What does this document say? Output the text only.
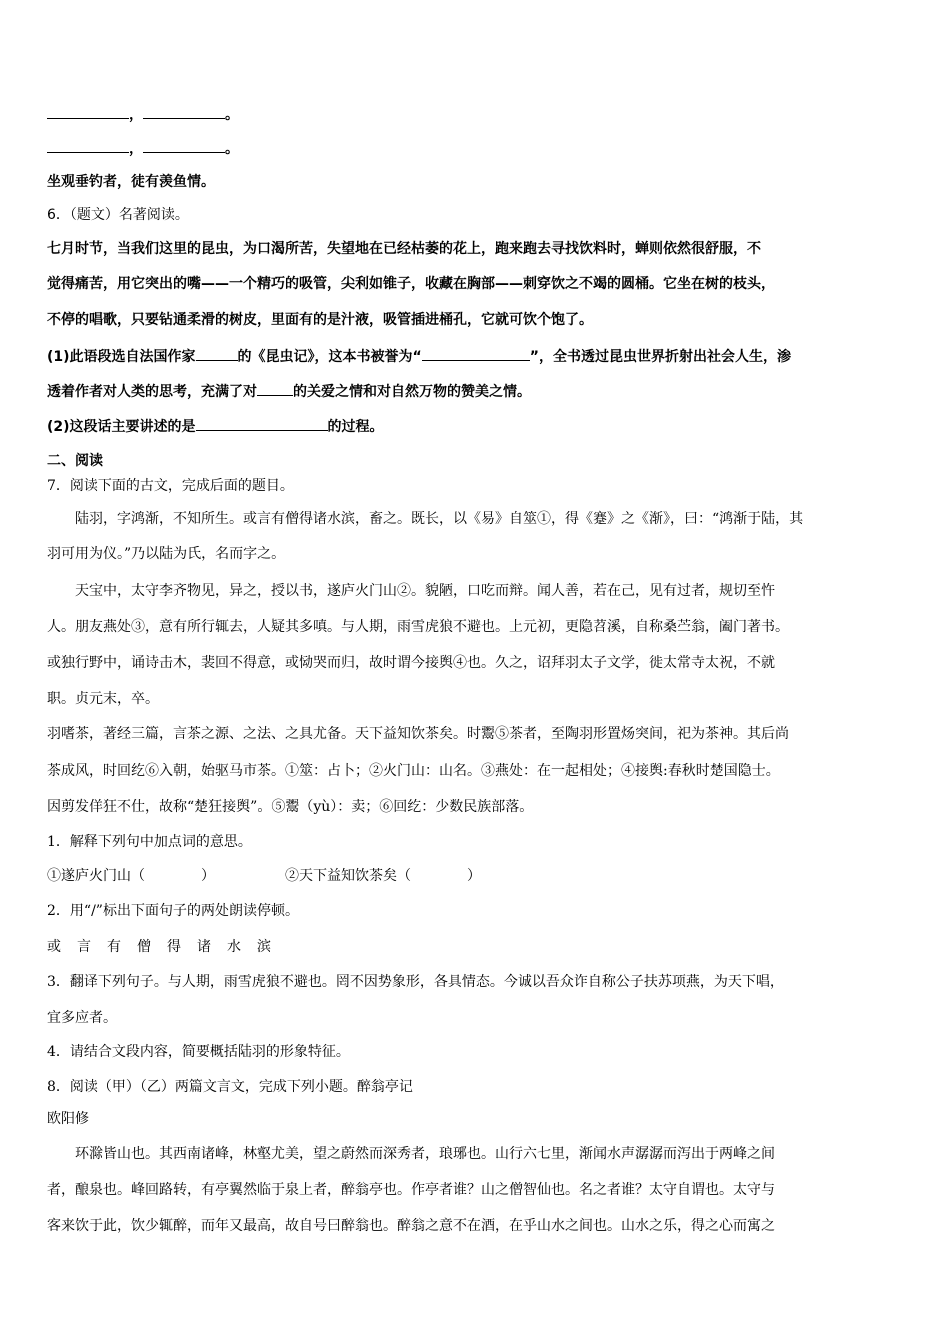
，	。
，	。
坐观垂钓者，徒有羡鱼情。
6．（题文）名著阅读。
七月时节，当我们这里的昆虫，为口渴所苦，失望地在已经枯萎的花上，跑来跑去寻找饮料时，蝉则依然很舒服，不
觉得痛苦，用它突出的嘴——一个精巧的吸管，尖利如锥子，收藏在胸部——刺穿饮之不竭的圆桶。它坐在树的枝头，
不停的唱歌，只要钻通柔滑的树皮，里面有的是汁液，吸管插进桶孔，它就可饮个饱了。
(1)此语段选自法国作家	的《昆虫记》，这本书被誉为“	”，全书透过昆虫世界折射出社会人生，渗
透着作者对人类的思考，充满了对	的关爱之情和对自然万物的赞美之情。
(2)这段话主要讲述的是	的过程。
二、阅读
7．阅读下面的古文，完成后面的题目。
陆羽，字鸿渐，不知所生。或言有僧得诸水滨，畜之。既长，以《易》自筮①，得《蹇》之《渐》，曰：“鸿渐于陆，其
羽可用为仪。”乃以陆为氏，名而字之。
天宝中，太守李齐物见，异之，授以书，遂庐火门山②。貌陋，口吃而辩。闻人善，若在己，见有过者，规切至忤
人。朋友燕处③，意有所行辄去，人疑其多嗔。与人期，雨雪虎狼不避也。上元初，更隐苕溪，自称桑苎翁，阖门著书。
或独行野中，诵诗击木，裴回不得意，或恸哭而归，故时谓今接舆④也。久之，诏拜羽太子文学，徙太常寺太祝，不就
职。贞元末，卒。
羽嗜茶，著经三篇，言茶之源、之法、之具尤备。天下益知饮茶矣。时鬻⑤茶者，至陶羽形置炀突间，祀为茶神。其后尚
茶成风，时回纥⑥入朝，始驱马市茶。①筮：占卜；②火门山：山名。③燕处：在一起相处；④接舆:春秋时楚国隐士。
因剪发佯狂不仕，故称“楚狂接舆”。⑤鬻（yù）：卖；⑥回纥：少数民族部落。
1．解释下列句中加点词的意思。
①遂庐火门山（　　　　）	②天下益知饮茶矣（　　　　）
2．用“/”标出下面句子的两处朗读停顿。
或 言 有 僧 得 诸 水 滨
3．翻译下列句子。与人期，雨雪虎狼不避也。罔不因势象形，各具情态。今诚以吾众诈自称公子扶苏项燕，为天下唱，
宜多应者。
4．请结合文段内容，简要概括陆羽的形象特征。
8．阅读（甲）（乙）两篇文言文，完成下列小题。醉翁亭记
欧阳修
环滁皆山也。其西南诸峰，林壑尤美，望之蔚然而深秀者，琅琊也。山行六七里，渐闻水声潺潺而泻出于两峰之间
者，酿泉也。峰回路转，有亭翼然临于泉上者，醉翁亭也。作亭者谁？山之僧智仙也。名之者谁？太守自谓也。太守与
客来饮于此，饮少辄醉，而年又最高，故自号曰醉翁也。醉翁之意不在酒，在乎山水之间也。山水之乐，得之心而寓之
